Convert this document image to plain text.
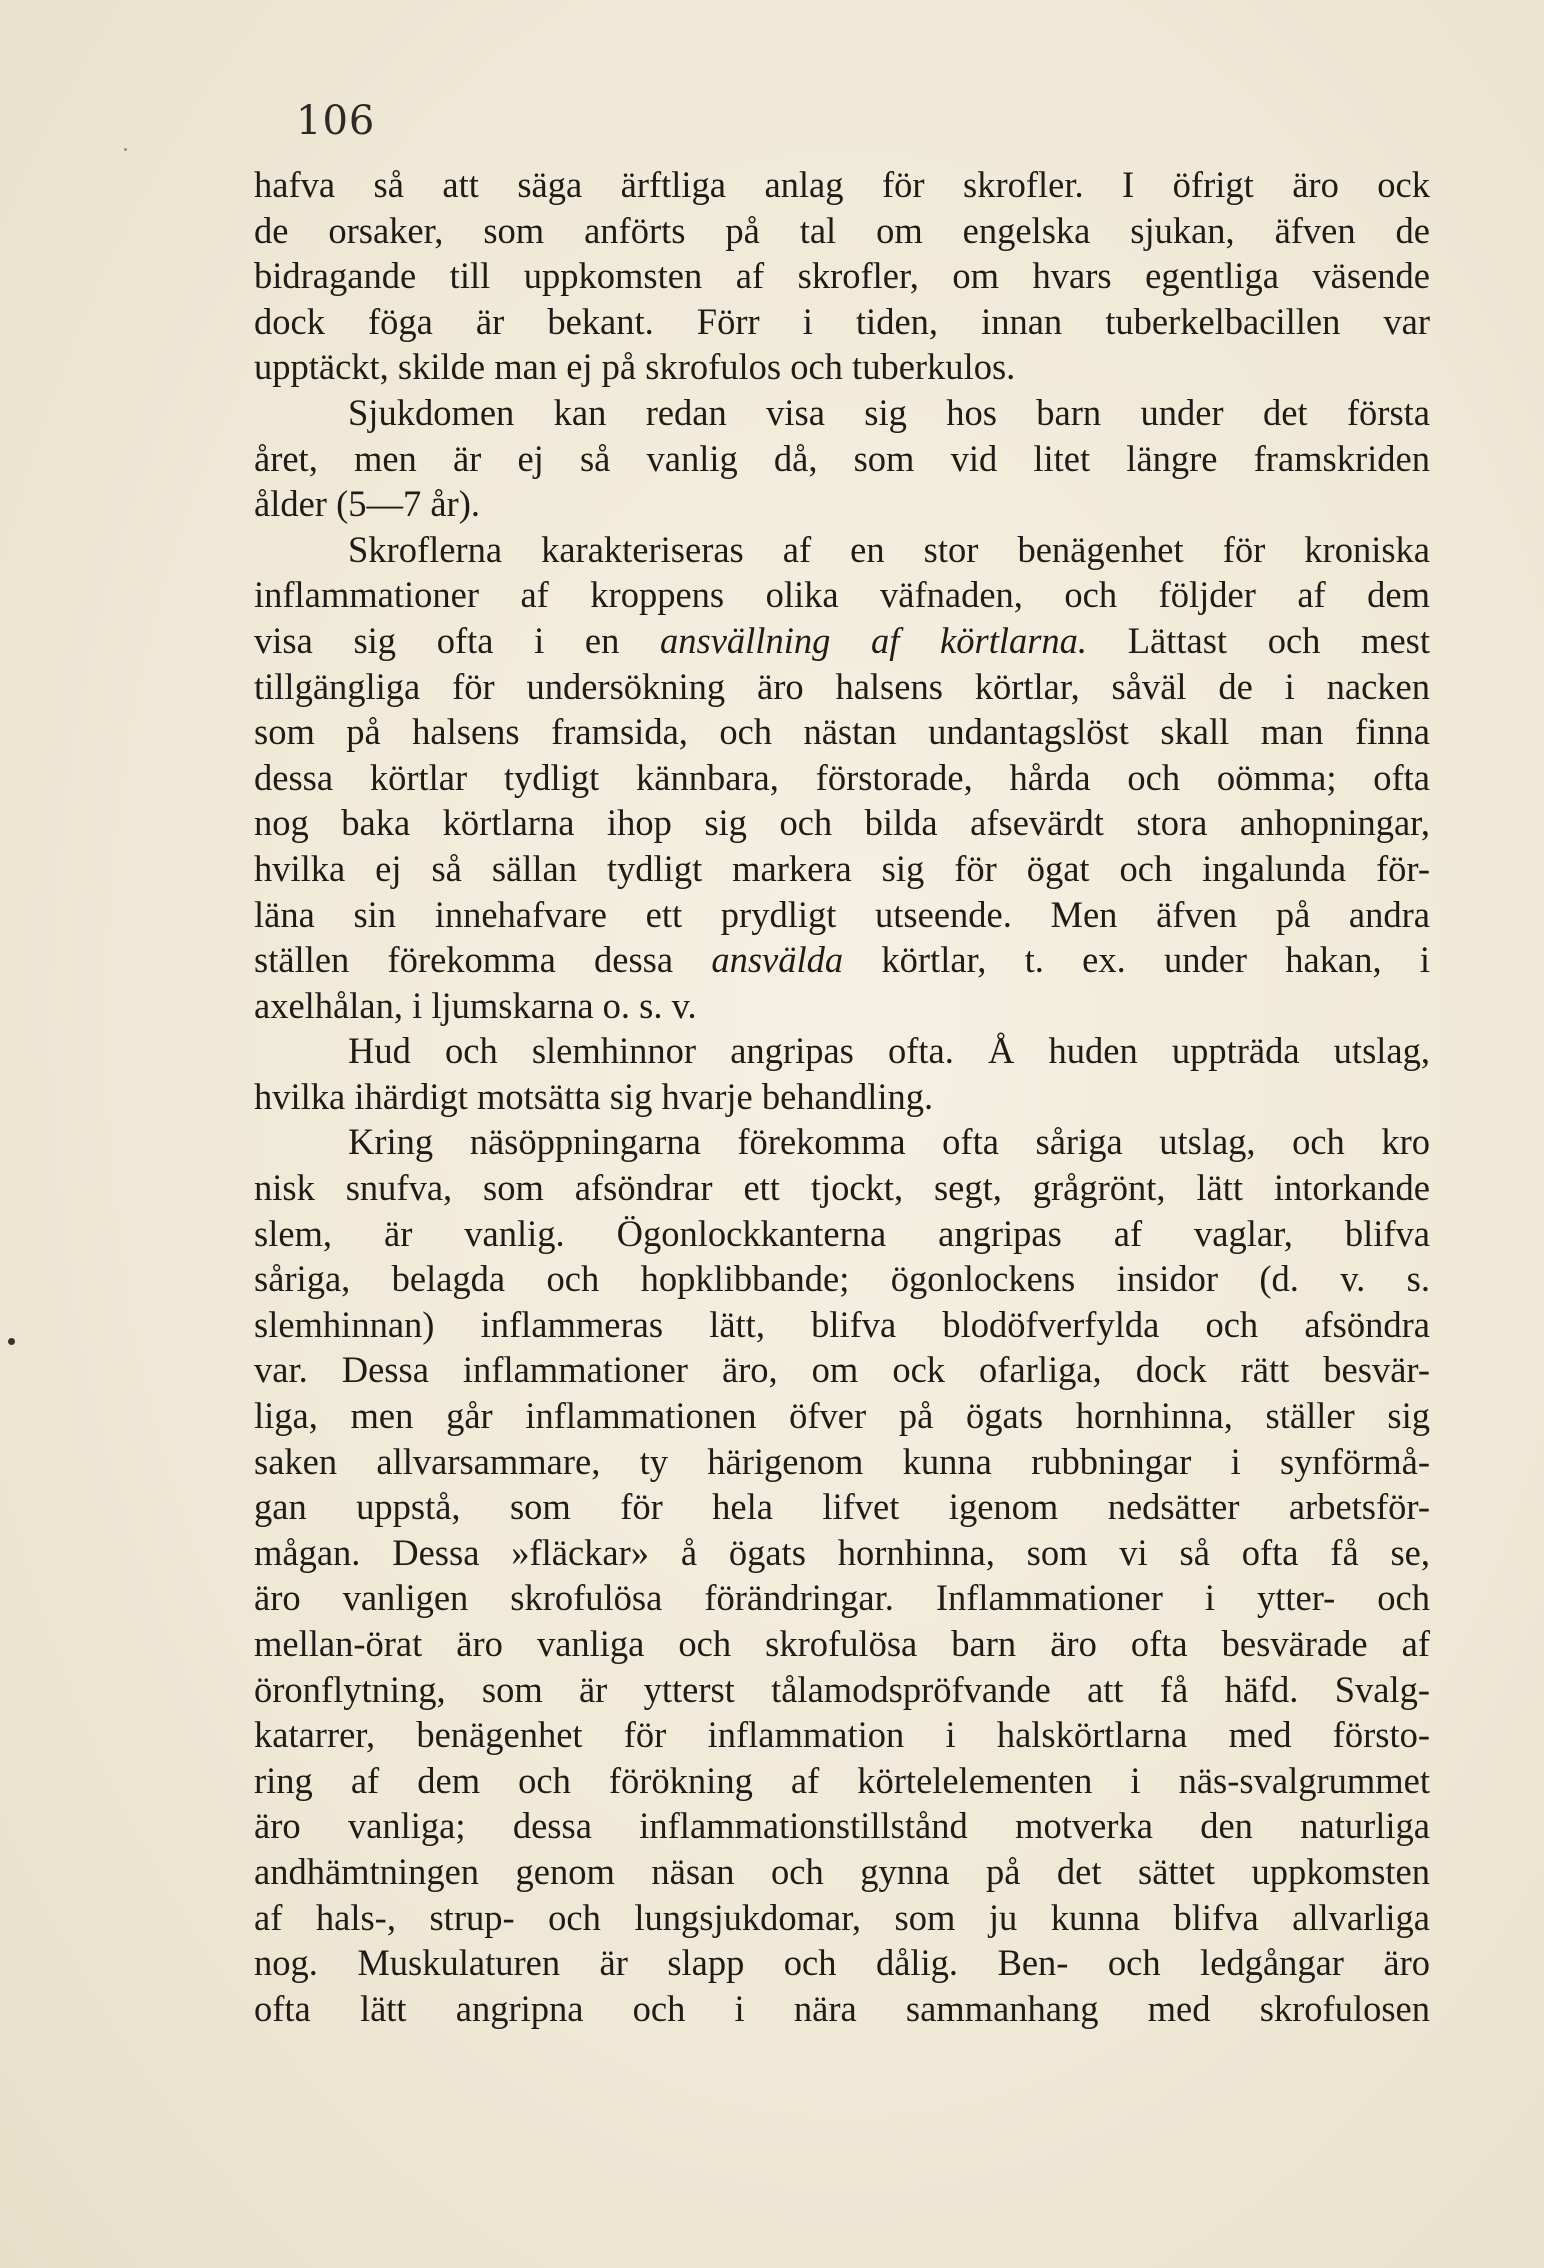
106

hafva så att säga ärftliga anlag för skrofler. I öfrigt äro ock
de orsaker, som anförts på tal om engelska sjukan, äfven de
bidragande till uppkomsten af skrofler, om hvars egentliga väsende
dock föga är bekant. Förr i tiden, innan tuberkelbacillen var
upptäckt, skilde man ej på skrofulos och tuberkulos.

Sjukdomen kan redan visa sig hos barn under det första
året, men är ej så vanlig då, som vid litet längre framskriden
ålder (5—7 år).

Skroflerna karakteriseras af en stor benägenhet för kroniska
inflammationer af kroppens olika väfnaden, och följder af dem
visa sig ofta i en ansvällning af körtlarna. Lättast och mest
tillgängliga för undersökning äro halsens körtlar, såväl de i nacken
som på halsens framsida, och nästan undantagslöst skall man finna
dessa körtlar tydligt kännbara, förstorade, hårda och oömma; ofta
nog baka körtlarna ihop sig och bilda afsevärdt stora anhopningar,
hvilka ej så sällan tydligt markera sig för ögat och ingalunda för-
läna sin innehafvare ett prydligt utseende. Men äfven på andra
ställen förekomma dessa ansvälda körtlar, t. ex. under hakan, i
axelhålan, i ljumskarna o. s. v.

Hud och slemhinnor angripas ofta. Å huden uppträda utslag,
hvilka ihärdigt motsätta sig hvarje behandling.

Kring näsöppningarna förekomma ofta såriga utslag, och kro
nisk snufva, som afsöndrar ett tjockt, segt, grågrönt, lätt intorkande
slem, är vanlig. Ögonlockkanterna angripas af vaglar, blifva
såriga, belagda och hopklibbande; ögonlockens insidor (d. v. s.
slemhinnan) inflammeras lätt, blifva blodöfverfylda och afsöndra
var. Dessa inflammationer äro, om ock ofarliga, dock rätt besvär-
liga, men går inflammationen öfver på ögats hornhinna, ställer sig
saken allvarsammare, ty härigenom kunna rubbningar i synförmå-
gan uppstå, som för hela lifvet igenom nedsätter arbetsför-
mågan. Dessa »fläckar» å ögats hornhinna, som vi så ofta få se,
äro vanligen skrofulösa förändringar. Inflammationer i ytter- och
mellan-örat äro vanliga och skrofulösa barn äro ofta besvärade af
öronflytning, som är ytterst tålamodspröfvande att få häfd. Svalg-
katarrer, benägenhet för inflammation i halskörtlarna med försto-
ring af dem och förökning af körtelelementen i näs-svalgrummet
äro vanliga; dessa inflammationstillstånd motverka den naturliga
andhämtningen genom näsan och gynna på det sättet uppkomsten
af hals-, strup- och lungsjukdomar, som ju kunna blifva allvarliga
nog. Muskulaturen är slapp och dålig. Ben- och ledgångar äro
ofta lätt angripna och i nära sammanhang med skrofulosen
